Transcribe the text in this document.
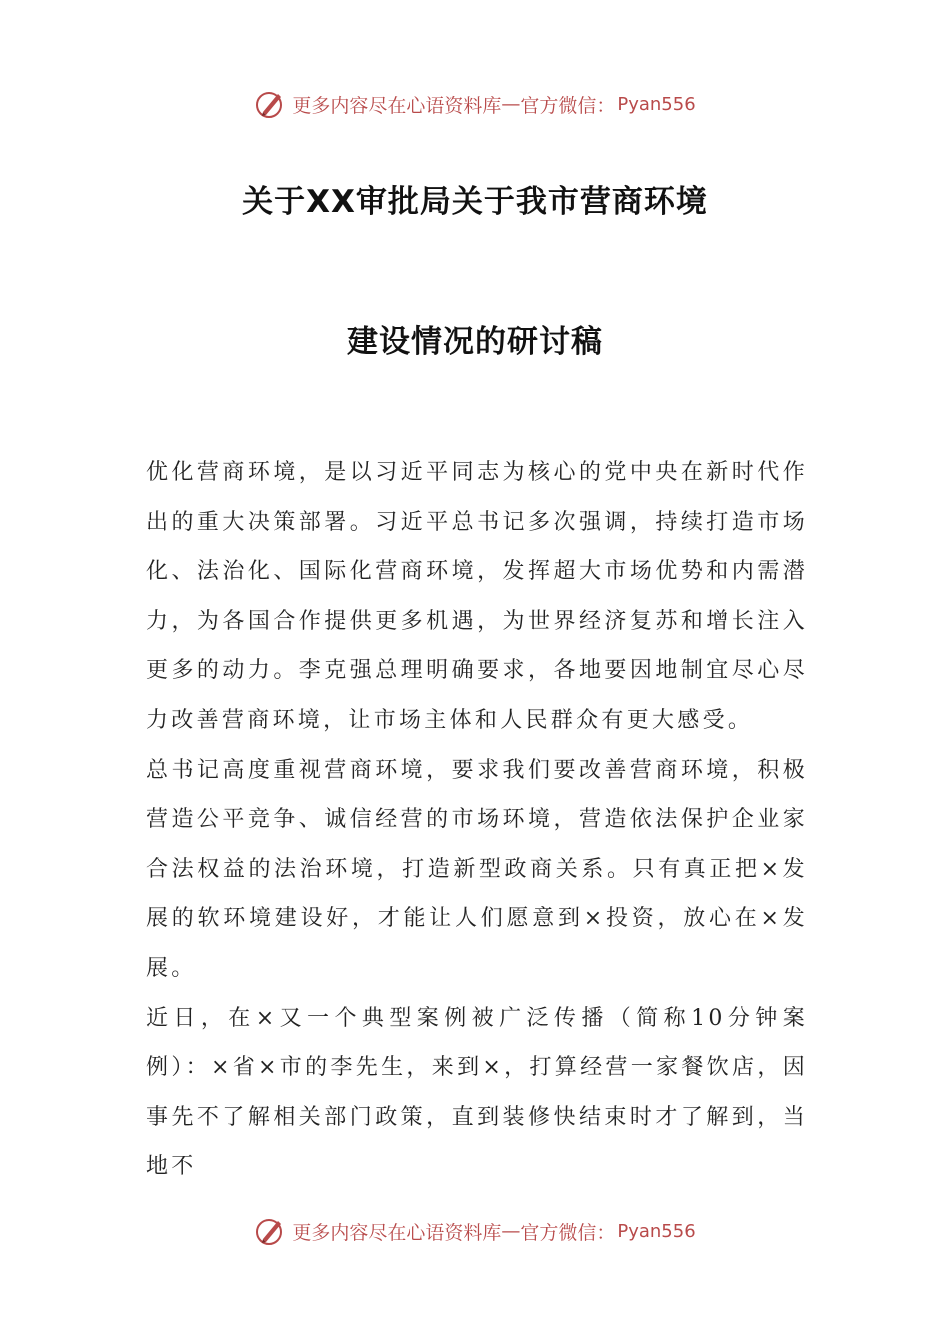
更多内容尽在心语资料库 — 官方微信： Pyan556
关于XX审批局关于我市营商环境
建设情况的研讨稿

优化营商环境，是以习近平同志为核心的党中央在新时代作出的重大决策部署。习近平总书记多次强调，持续打造市场化、法治化、国际化营商环境，发挥超大市场优势和内需潜力，为各国合作提供更多机遇，为世界经济复苏和增长注入更多的动力。李克强总理明确要求，各地要因地制宜尽心尽力改善营商环境，让市场主体和人民群众有更大感受。

总书记高度重视营商环境，要求我们要改善营商环境，积极营造公平竞争、诚信经营的市场环境，营造依法保护企业家合法权益的法治环境，打造新型政商关系。只有真正把×发展的软环境建设好，才能让人们愿意到×投资，放心在×发展。

近日，在×又一个典型案例被广泛传播（简称10分钟案例）：×省×市的李先生，来到×，打算经营一家餐饮店，因事先不了解相关部门政策，直到装修快结束时才了解到，当地不

更多内容尽在心语资料库 — 官方微信： Pyan556
